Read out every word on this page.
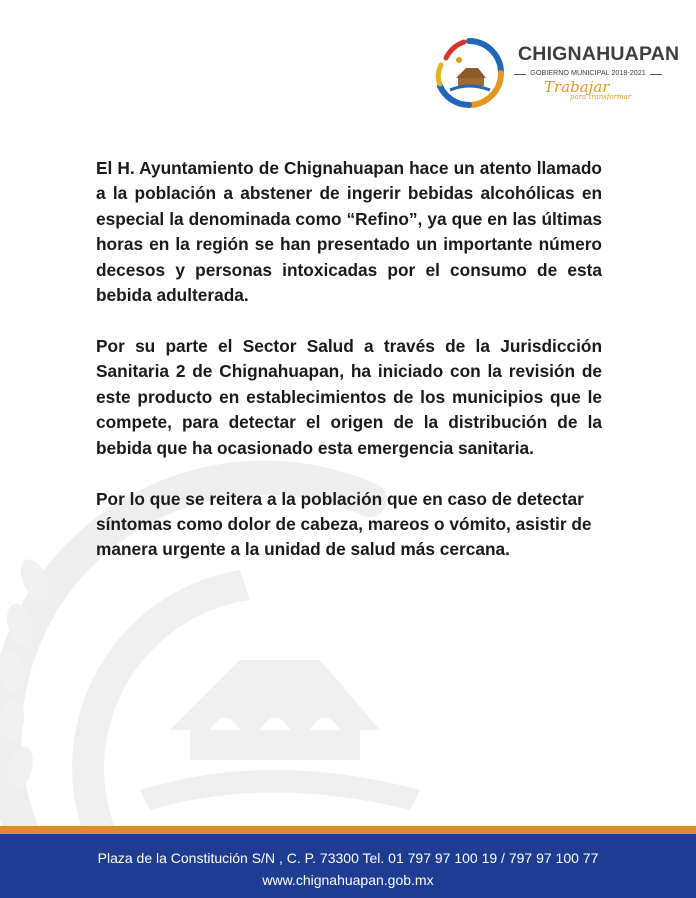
CHIGNAHUAPAN
GOBIERNO MUNICIPAL 2018-2021
Trabajar
para transformar

El H. Ayuntamiento de Chignahuapan hace un atento llamado a la población a abstener de ingerir bebidas alcohólicas en especial la denominada como “Refino”, ya que en las últimas horas en la región se han presentado un importante número decesos y personas intoxicadas por el consumo de esta bebida adulterada.

Por su parte el Sector Salud a través de la Jurisdicción Sanitaria 2 de Chignahuapan, ha iniciado con la revisión de este producto en establecimientos de los municipios que le compete, para detectar el origen de la distribución de la bebida que ha ocasionado esta emergencia sanitaria.

Por lo que se reitera a la población que en caso de detectar síntomas como dolor de cabeza, mareos o vómito, asistir de manera urgente a la unidad de salud más cercana.

Plaza de la Constitución S/N , C. P. 73300 Tel. 01 797 97 100 19 / 797 97 100 77
www.chignahuapan.gob.mx
